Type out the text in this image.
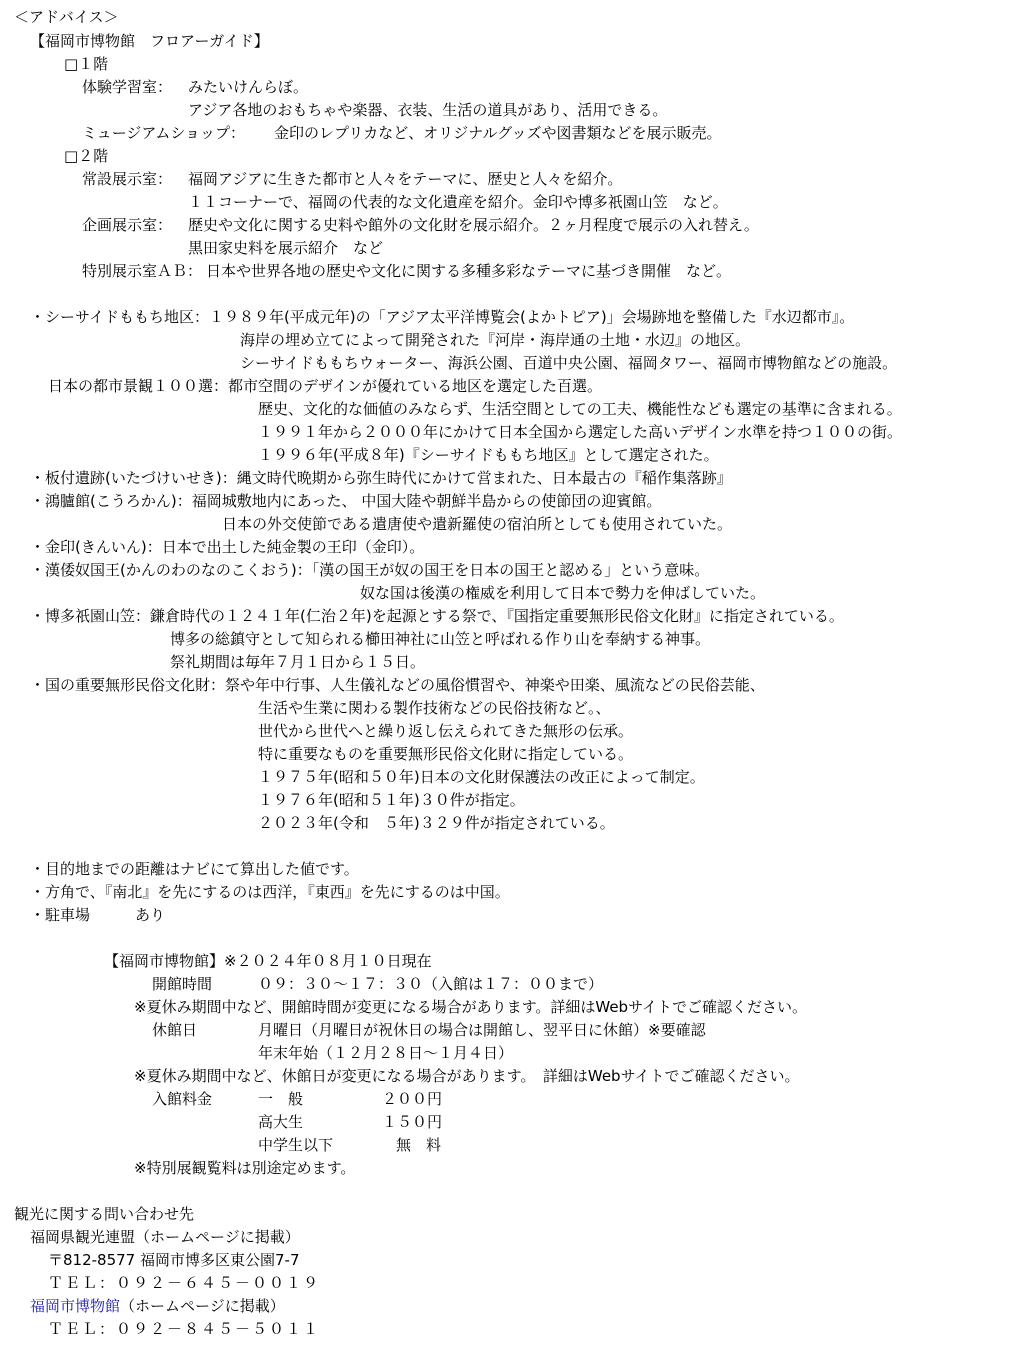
＜アドバイス＞
【福岡市博物館　フロアーガイド】
□１階
体験学習室： みたいけんらぼ。
アジア各地のおもちゃや楽器、衣装、生活の道具があり、活用できる。
ミュージアムショップ： 金印のレプリカなど、オリジナルグッズや図書類などを展示販売。
□２階
常設展示室： 福岡アジアに生きた都市と人々をテーマに、歴史と人々を紹介。
１１コーナーで、福岡の代表的な文化遺産を紹介。金印や博多祇園山笠　など。
企画展示室： 歴史や文化に関する史料や館外の文化財を展示紹介。２ヶ月程度で展示の入れ替え。
黒田家史料を展示紹介　など
特別展示室ＡＢ： 日本や世界各地の歴史や文化に関する多種多彩なテーマに基づき開催　など。
・シーサイドももち地区：１９８９年(平成元年)の「アジア太平洋博覧会(よかトピア)」会場跡地を整備した『水辺都市』。
海岸の埋め立てによって開発された『河岸・海岸通の土地・水辺』の地区。
シーサイドももちウォーター、海浜公園、百道中央公園、福岡タワー、福岡市博物館などの施設。
日本の都市景観１００選：都市空間のデザインが優れている地区を選定した百選。
歴史、文化的な価値のみならず、生活空間としての工夫、機能性なども選定の基準に含まれる。
１９９１年から２０００年にかけて日本全国から選定した高いデザイン水準を持つ１００の街。
１９９６年(平成８年)『シーサイドももち地区』として選定された。
・板付遺跡(いたづけいせき)：縄文時代晩期から弥生時代にかけて営まれた、日本最古の『稲作集落跡』
・鴻臚館(こうろかん)：福岡城敷地内にあった、 中国大陸や朝鮮半島からの使節団の迎賓館。
日本の外交使節である遣唐使や遣新羅使の宿泊所としても使用されていた。
・金印(きんいん)：日本で出土した純金製の王印（金印）。
・漢倭奴国王(かんのわのなのこくおう)：「漢の国王が奴の国王を日本の国王と認める」という意味。
奴な国は後漢の権威を利用して日本で勢力を伸ばしていた。
・博多祇園山笠：鎌倉時代の１２４１年(仁治２年)を起源とする祭で、『国指定重要無形民俗文化財』に指定されている。
博多の総鎮守として知られる櫛田神社に山笠と呼ばれる作り山を奉納する神事。
祭礼期間は毎年７月１日から１５日。
・国の重要無形民俗文化財：祭や年中行事、人生儀礼などの風俗慣習や、神楽や田楽、風流などの民俗芸能、
生活や生業に関わる製作技術などの民俗技術など。、
世代から世代へと繰り返し伝えられてきた無形の伝承。
特に重要なものを重要無形民俗文化財に指定している。
１９７５年(昭和５０年)日本の文化財保護法の改正によって制定。
１９７６年(昭和５１年)３０件が指定。
２０２３年(令和　５年)３２９件が指定されている。
・目的地までの距離はナビにて算出した値です。
・方角で、『南北』を先にするのは西洋，『東西』を先にするのは中国。
・駐車場　　　あり
【福岡市博物館】※２０２４年０８月１０日現在
開館時間	０９：３０～１７：３０（入館は１７：００まで）
※夏休み期間中など、開館時間が変更になる場合があります。詳細はWebサイトでご確認ください。
休館日	月曜日（月曜日が祝休日の場合は開館し、翌平日に休館）※要確認
年末年始（１２月２８日～１月４日）
※夏休み期間中など、休館日が変更になる場合があります。　詳細はWebサイトでご確認ください。
入館料金	一　般	２００円
高大生	１５０円
中学生以下	無　料
※特別展観覧料は別途定めます。
観光に関する問い合わせ先
福岡県観光連盟（ホームページに掲載）
〒812-8577 福岡市博多区東公園7-7
ＴＥＬ：０９２－６４５－００１９
福岡市博物館（ホームページに掲載）
ＴＥＬ：０９２－８４５－５０１１
